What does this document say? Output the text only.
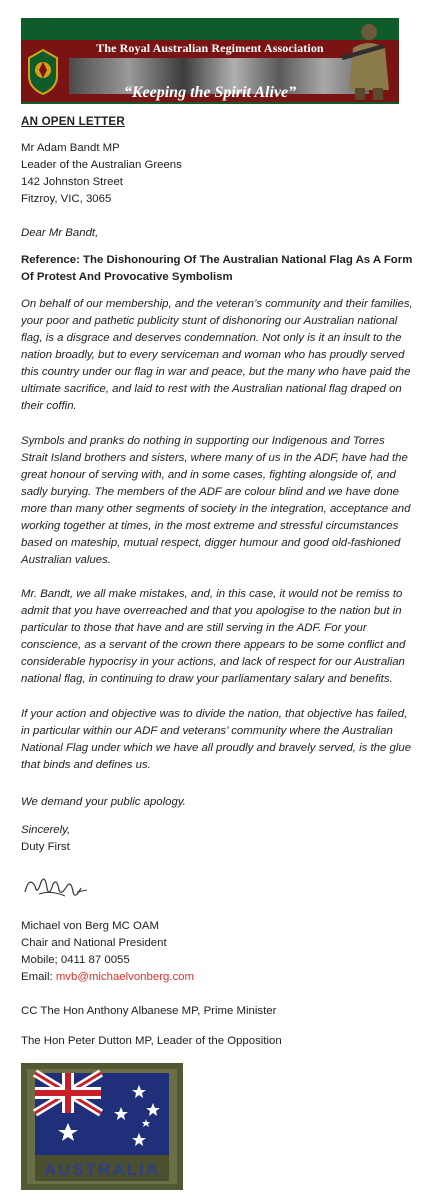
The Royal Australian Regiment Association
“Keeping the Spirit Alive”
AN OPEN LETTER
Mr Adam Bandt MP
Leader of the Australian Greens
142 Johnston Street
Fitzroy, VIC, 3065
Dear Mr Bandt,
Reference: The Dishonouring Of The Australian National Flag As A Form
Of Protest And Provocative Symbolism
On behalf of our membership, and the veteran’s community and their families,
your poor and pathetic publicity stunt of dishonoring our Australian national
flag, is a disgrace and deserves condemnation. Not only is it an insult to the
nation broadly, but to every serviceman and woman who has proudly served
this country under our flag in war and peace, but the many who have paid the
ultimate sacrifice, and laid to rest with the Australian national flag draped on
their coffin.
Symbols and pranks do nothing in supporting our Indigenous and Torres
Strait Island brothers and sisters, where many of us in the ADF, have had the
great honour of serving with, and in some cases, fighting alongside of, and
sadly burying. The members of the ADF are colour blind and we have done
more than many other segments of society in the integration, acceptance and
working together at times, in the most extreme and stressful circumstances
based on mateship, mutual respect, digger humour and good old-fashioned
Australian values.
Mr. Bandt, we all make mistakes, and, in this case, it would not be remiss to
admit that you have overreached and that you apologise to the nation but in
particular to those that have and are still serving in the ADF. For your
conscience, as a servant of the crown there appears to be some conflict and
considerable hypocrisy in your actions, and lack of respect for our Australian
national flag, in continuing to draw your parliamentary salary and benefits.
If your action and objective was to divide the nation, that objective has failed,
in particular within our ADF and veterans’ community where the Australian
National Flag under which we have all proudly and bravely served, is the glue
that binds and defines us.
We demand your public apology.
Sincerely,
Duty First
Michael von Berg MC OAM
Chair and National President
Mobile; 0411 87 0055
Email: mvb@michaelvonberg.com
CC The Hon Anthony Albanese MP, Prime Minister
The Hon Peter Dutton MP, Leader of the Opposition
AUSTRALIA
